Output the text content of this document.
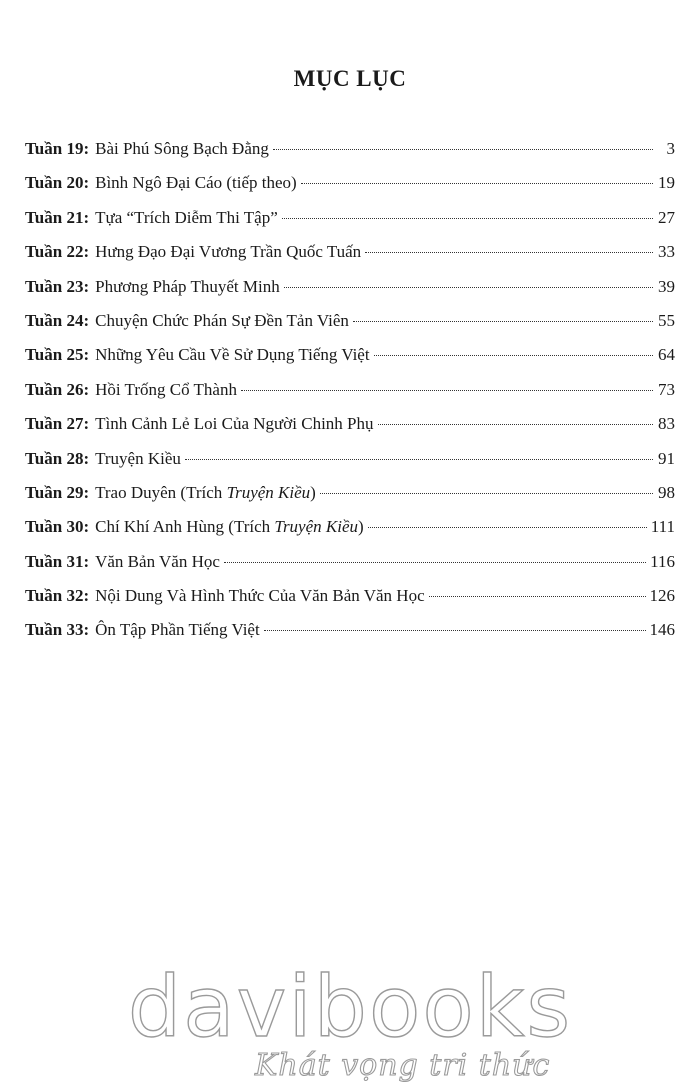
MỤC LỤC
Tuần 19: Bài Phú Sông Bạch Đằng	3
Tuần 20: Bình Ngô Đại Cáo (tiếp theo)	19
Tuần 21: Tựa “Trích Diễm Thi Tập”	27
Tuần 22: Hưng Đạo Đại Vương Trần Quốc Tuấn	33
Tuần 23: Phương Pháp Thuyết Minh	39
Tuần 24: Chuyện Chức Phán Sự Đền Tản Viên	55
Tuần 25: Những Yêu Cầu Về Sử Dụng Tiếng Việt	64
Tuần 26: Hồi Trống Cổ Thành	73
Tuần 27: Tình Cảnh Lẻ Loi Của Người Chinh Phụ	83
Tuần 28: Truyện Kiều	91
Tuần 29: Trao Duyên (Trích Truyện Kiều)	98
Tuần 30: Chí Khí Anh Hùng (Trích Truyện Kiều)	111
Tuần 31: Văn Bản Văn Học	116
Tuần 32: Nội Dung Và Hình Thức Của Văn Bản Văn Học	126
Tuần 33: Ôn Tập Phần Tiếng Việt	146
davibooks
Khát vọng tri thức
